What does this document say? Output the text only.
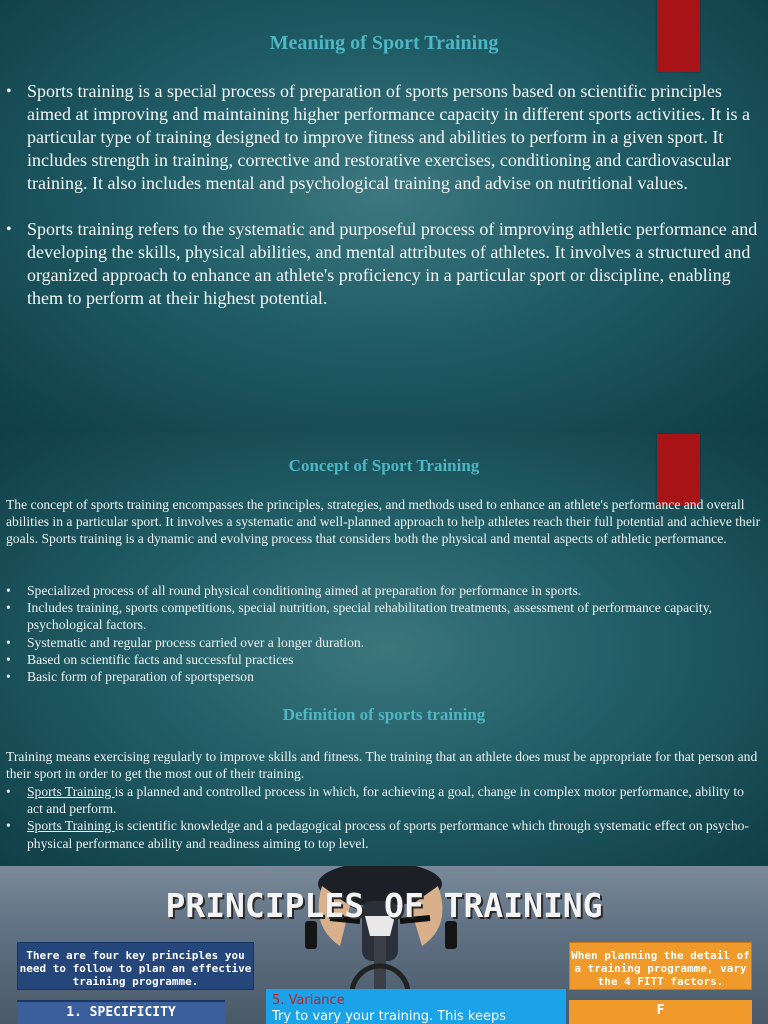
Meaning of Sport Training
• Sports training is a special process of preparation of sports persons based on scientific principles aimed at improving and maintaining higher performance capacity in different sports activities. It is a particular type of training designed to improve fitness and abilities to perform in a given sport. It includes strength in training, corrective and restorative exercises, conditioning and cardiovascular training. It also includes mental and psychological training and advise on nutritional values.
• Sports training refers to the systematic and purposeful process of improving athletic performance and developing the skills, physical abilities, and mental attributes of athletes. It involves a structured and organized approach to enhance an athlete's proficiency in a particular sport or discipline, enabling them to perform at their highest potential.
Concept of Sport Training

The concept of sports training encompasses the principles, strategies, and methods used to enhance an athlete's performance and overall abilities in a particular sport. It involves a systematic and well-planned approach to help athletes reach their full potential and achieve their goals. Sports training is a dynamic and evolving process that considers both the physical and mental aspects of athletic performance.

• Specialized process of all round physical conditioning aimed at preparation for performance in sports.
• Includes training, sports competitions, special nutrition, special rehabilitation treatments, assessment of performance capacity, psychological factors.
• Systematic and regular process carried over a longer duration.
• Based on scientific facts and successful practices
• Basic form of preparation of sportsperson
Definition of sports training

Training means exercising regularly to improve skills and fitness. The training that an athlete does must be appropriate for that person and their sport in order to get the most out of their training.

• Sports Training is a planned and controlled process in which, for achieving a goal, change in complex motor performance, ability to act and perform.
• Sports Training is scientific knowledge and a pedagogical process of sports performance which through systematic effect on psycho-physical performance ability and readiness aiming to top level.
PRINCIPLES OF TRAINING
There are four key principles you need to follow to plan an effective training programme.
1. SPECIFICITY
5. Variance
Try to vary your training. This keeps
When planning the detail of a training programme, vary the 4 FITT factors.
F
